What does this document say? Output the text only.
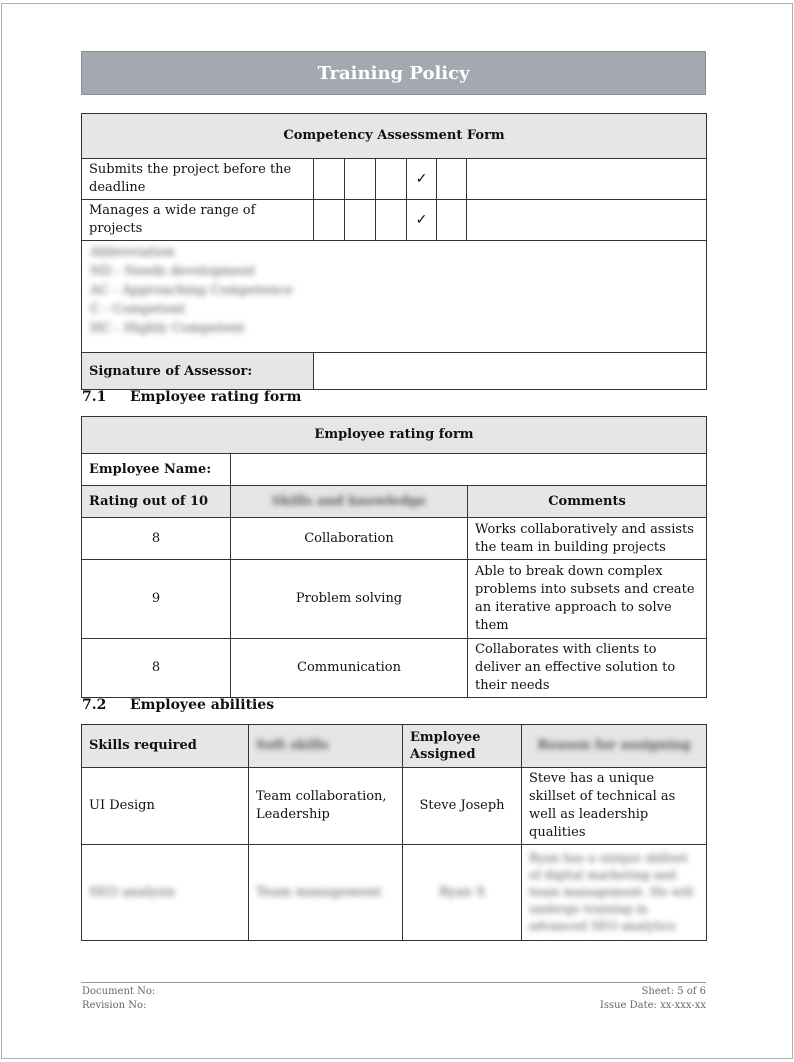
Training Policy
Competency Assessment Form						
Submits the project before the deadline				✓		
Manages a wide range of projects				✓		

Abbreviation
ND - Needs development
AC - Approaching Competence
C - Competent
HC - Highly Competent						

Signature of Assessor:						
7.1	Employee rating form
Employee rating form		
Employee Name:		
Rating out of 10	Skills and knowledge	Comments
8	Collaboration	Works collaboratively and assists the team in building projects
9	Problem solving	Able to break down complex problems into subsets and create an iterative approach to solve them
8	Communication	Collaborates with clients to deliver an effective solution to their needs
7.2	Employee abilities
Skills required	Soft skills	Employee Assigned	Reason for assigning
UI Design	Team collaboration, Leadership	Steve Joseph	Steve has a unique skillset of technical as well as leadership qualities
SEO analysis	Team management	Ryan S	Ryan has a unique skillset of digital marketing and team management. He will undergo training in advanced SEO analytics
Document No:
Revision No:
Sheet: 5 of 6
Issue Date: xx-xxx-xx
